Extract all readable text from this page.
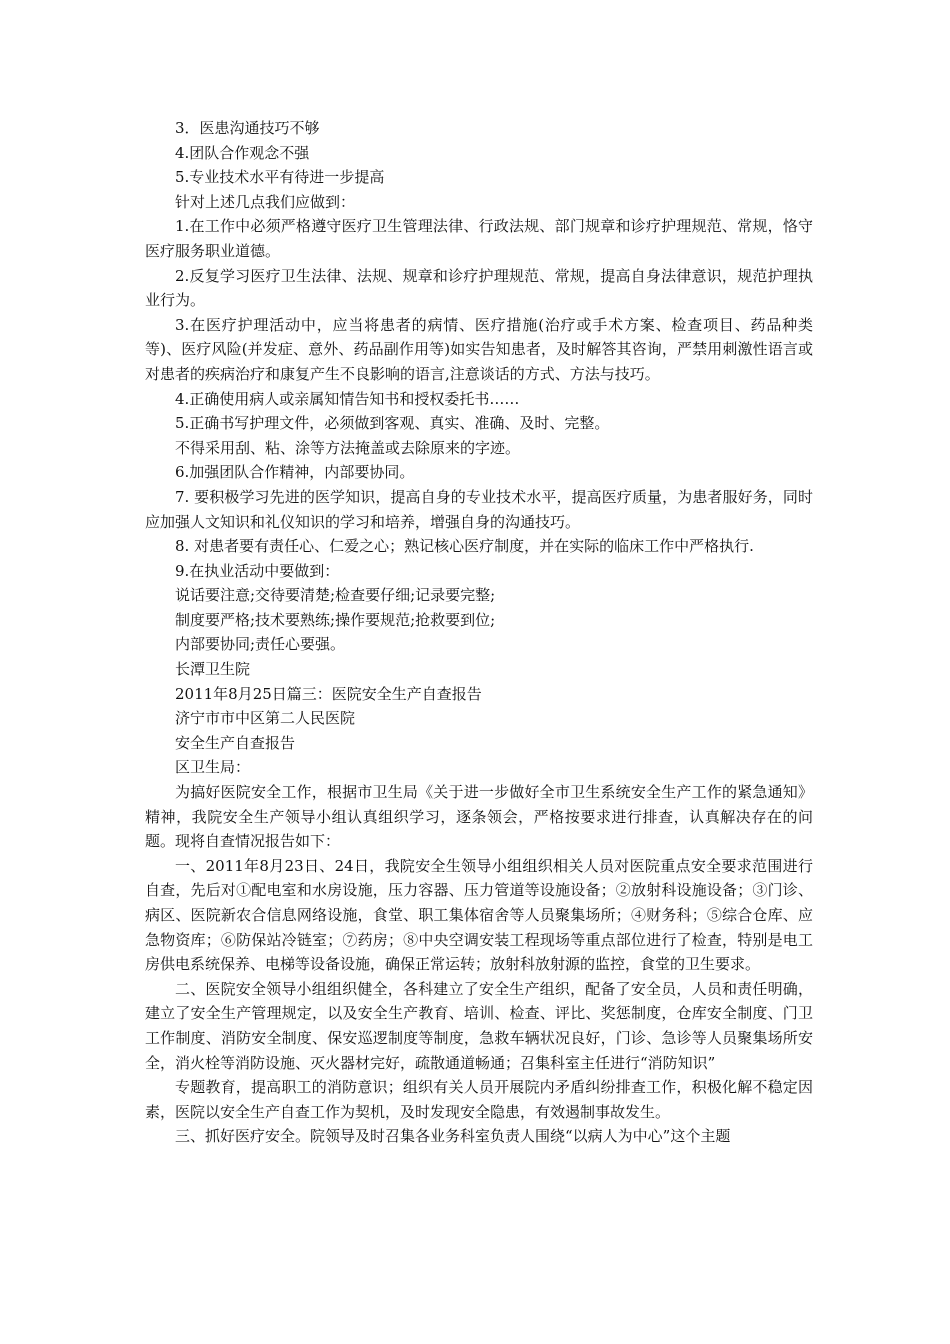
3．医患沟通技巧不够
4.团队合作观念不强
5.专业技术水平有待进一步提高
针对上述几点我们应做到：

1.在工作中必须严格遵守医疗卫生管理法律、行政法规、部门规章和诊疗护理规范、常规，恪守医疗服务职业道德。

2.反复学习医疗卫生法律、法规、规章和诊疗护理规范、常规，提高自身法律意识，规范护理执业行为。

3.在医疗护理活动中，应当将患者的病情、医疗措施(治疗或手术方案、检查项目、药品种类等)、医疗风险(并发症、意外、药品副作用等)如实告知患者，及时解答其咨询，严禁用刺激性语言或对患者的疾病治疗和康复产生不良影响的语言,注意谈话的方式、方法与技巧。

4.正确使用病人或亲属知情告知书和授权委托书……
5.正确书写护理文件，必须做到客观、真实、准确、及时、完整。
不得采用刮、粘、涂等方法掩盖或去除原来的字迹。
6.加强团队合作精神，内部要协同。

7. 要积极学习先进的医学知识，提高自身的专业技术水平，提高医疗质量，为患者服好务，同时应加强人文知识和礼仪知识的学习和培养，增强自身的沟通技巧。

8. 对患者要有责任心、仁爱之心；熟记核心医疗制度，并在实际的临床工作中严格执行.
9.在执业活动中要做到：
说话要注意;交待要清楚;检查要仔细;记录要完整;
制度要严格;技术要熟练;操作要规范;抢救要到位;
内部要协同;责任心要强。
长潭卫生院
2011年8月25日篇三：医院安全生产自查报告
济宁市市中区第二人民医院
安全生产自查报告
区卫生局：

为搞好医院安全工作，根据市卫生局《关于进一步做好全市卫生系统安全生产工作的紧急通知》精神，我院安全生产领导小组认真组织学习，逐条领会，严格按要求进行排查，认真解决存在的问题。现将自查情况报告如下：

一、2011年8月23日、24日，我院安全生领导小组组织相关人员对医院重点安全要求范围进行自查，先后对①配电室和水房设施，压力容器、压力管道等设施设备；②放射科设施设备；③门诊、病区、医院新农合信息网络设施，食堂、职工集体宿舍等人员聚集场所；④财务科；⑤综合仓库、应急物资库；⑥防保站冷链室；⑦药房；⑧中央空调安装工程现场等重点部位进行了检查，特别是电工房供电系统保养、电梯等设备设施，确保正常运转；放射科放射源的监控，食堂的卫生要求。

二、医院安全领导小组组织健全，各科建立了安全生产组织，配备了安全员，人员和责任明确，建立了安全生产管理规定，以及安全生产教育、培训、检查、评比、奖惩制度，仓库安全制度、门卫工作制度、消防安全制度、保安巡逻制度等制度，急救车辆状况良好，门诊、急诊等人员聚集场所安全，消火栓等消防设施、灭火器材完好，疏散通道畅通；召集科室主任进行“消防知识”

专题教育，提高职工的消防意识；组织有关人员开展院内矛盾纠纷排查工作，积极化解不稳定因素，医院以安全生产自查工作为契机，及时发现安全隐患，有效遏制事故发生。

三、抓好医疗安全。院领导及时召集各业务科室负责人围绕“以病人为中心”这个主题
